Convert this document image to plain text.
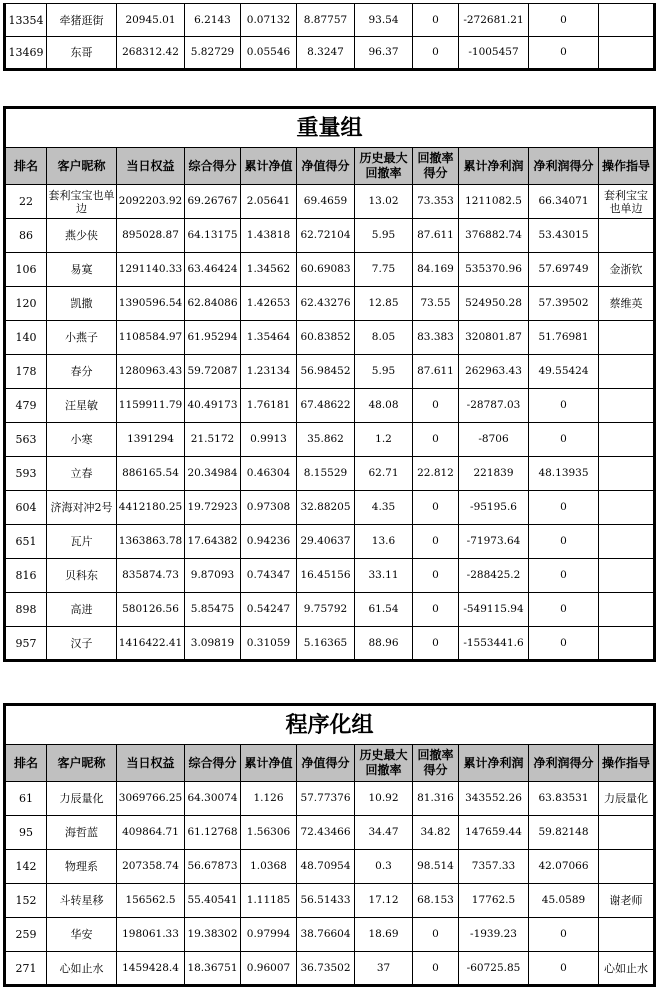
13354	牵猪逛街	20945.01	6.2143	0.07132	8.87757	93.54	0	-272681.21	0	
13469	东哥	268312.42	5.82729	0.05546	8.3247	96.37	0	-1005457	0	
重量组										
排名	客户昵称	当日权益	综合得分	累计净值	净值得分	历史最大回撤率	回撤率得分	累计净利润	净利润得分	操作指导
22	套利宝宝也单边	2092203.92	69.26767	2.05641	69.4659	13.02	73.353	1211082.5	66.34071	套利宝宝也单边
86	燕少侠	895028.87	64.13175	1.43818	62.72104	5.95	87.611	376882.74	53.43015	
106	易寞	1291140.33	63.46424	1.34562	60.69083	7.75	84.169	535370.96	57.69749	金浙钦
120	凯撒	1390596.54	62.84086	1.42653	62.43276	12.85	73.55	524950.28	57.39502	蔡维英
140	小燕子	1108584.97	61.95294	1.35464	60.83852	8.05	83.383	320801.87	51.76981	
178	春分	1280963.43	59.72087	1.23134	56.98452	5.95	87.611	262963.43	49.55424	
479	汪星敏	1159911.79	40.49173	1.76181	67.48622	48.08	0	-28787.03	0	
563	小寒	1391294	21.5172	0.9913	35.862	1.2	0	-8706	0	
593	立春	886165.54	20.34984	0.46304	8.15529	62.71	22.812	221839	48.13935	
604	济海对冲2号	4412180.25	19.72923	0.97308	32.88205	4.35	0	-95195.6	0	
651	瓦片	1363863.78	17.64382	0.94236	29.40637	13.6	0	-71973.64	0	
816	贝科东	835874.73	9.87093	0.74347	16.45156	33.11	0	-288425.2	0	
898	高进	580126.56	5.85475	0.54247	9.75792	61.54	0	-549115.94	0	
957	汉子	1416422.41	3.09819	0.31059	5.16365	88.96	0	-1553441.6	0	
程序化组										
排名	客户昵称	当日权益	综合得分	累计净值	净值得分	历史最大回撤率	回撤率得分	累计净利润	净利润得分	操作指导
61	力辰量化	3069766.25	64.30074	1.126	57.77376	10.92	81.316	343552.26	63.83531	力辰量化
95	海哲蓝	409864.71	61.12768	1.56306	72.43466	34.47	34.82	147659.44	59.82148	
142	物理系	207358.74	56.67873	1.0368	48.70954	0.3	98.514	7357.33	42.07066	
152	斗转星移	156562.5	55.40541	1.11185	56.51433	17.12	68.153	17762.5	45.0589	谢老师
259	华安	198061.33	19.38302	0.97994	38.76604	18.69	0	-1939.23	0	
271	心如止水	1459428.4	18.36751	0.96007	36.73502	37	0	-60725.85	0	心如止水
